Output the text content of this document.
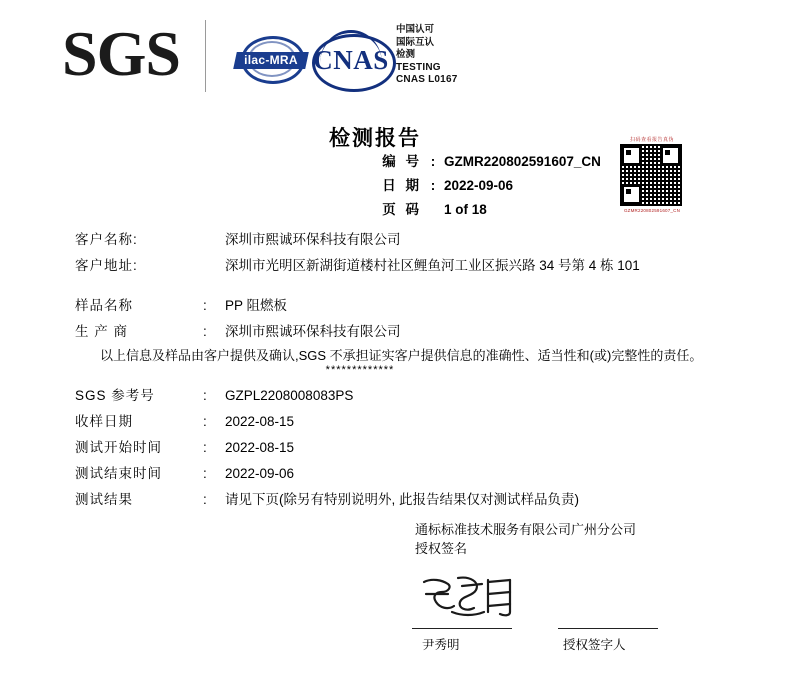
SGS	ilac-MRA CNAS
中国认可
国际互认
检测
TESTING
CNAS L0167
检测报告
编 号 : GZMR220802591607_CN
日 期 : 2022-09-06
页 码 1 of 18
扫码查看报告真伪
GZMR220802591607_CN
客户名称:	深圳市熙诚环保科技有限公司
客户地址:	深圳市光明区新湖街道楼村社区鲤鱼河工业区振兴路 34 号第 4 栋 101
样品名称	:	PP 阻燃板
生 产 商	:	深圳市熙诚环保科技有限公司
以上信息及样品由客户提供及确认,SGS 不承担证实客户提供信息的准确性、适当性和(或)完整性的责任。
*************
SGS 参考号	:	GZPL2208008083PS
收样日期	:	2022-08-15
测试开始时间	:	2022-08-15
测试结束时间	:	2022-09-06
测试结果	:	请见下页(除另有特别说明外, 此报告结果仅对测试样品负责)
通标标准技术服务有限公司广州分公司
授权签名
尹秀明	授权签字人
